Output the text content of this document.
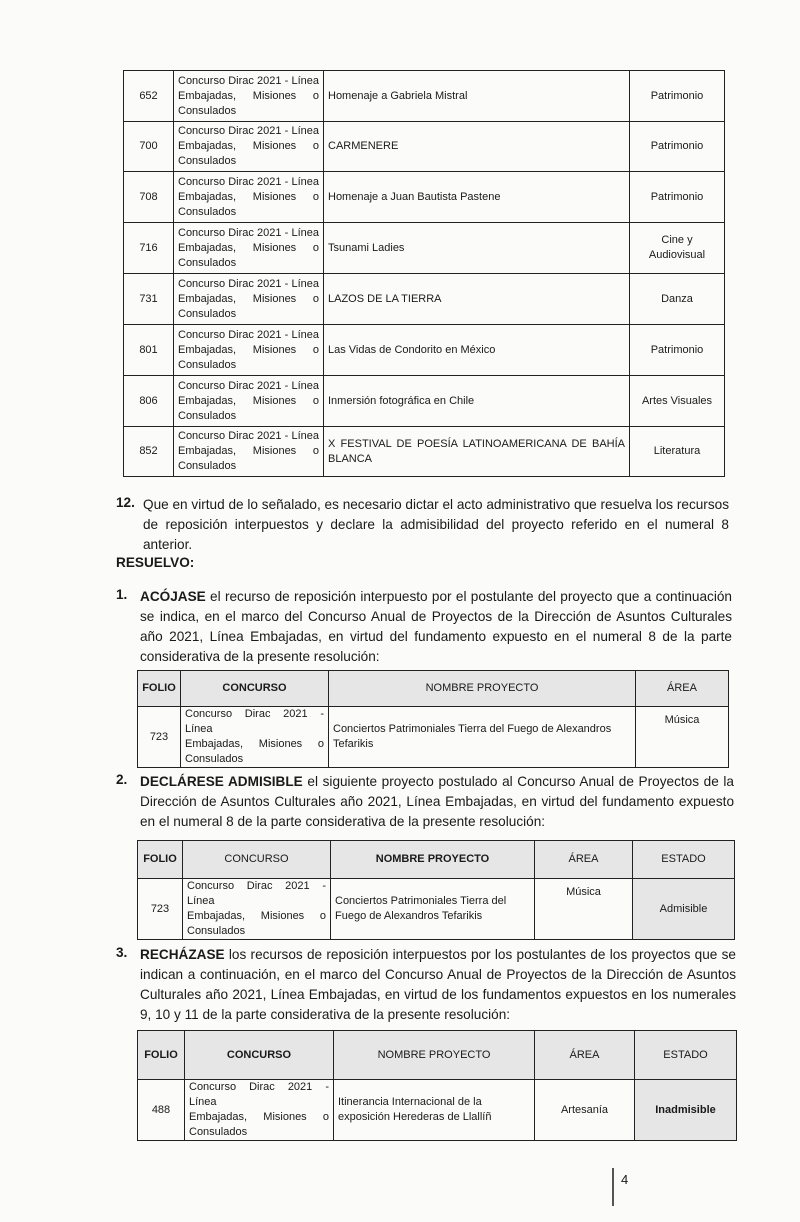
652	Concurso Dirac 2021 - Línea
Embajadas, Misiones o
Consulados	Homenaje a Gabriela Mistral	Patrimonio
700	Concurso Dirac 2021 - Línea
Embajadas, Misiones o
Consulados	CARMENERE	Patrimonio
708	Concurso Dirac 2021 - Línea
Embajadas, Misiones o
Consulados	Homenaje a Juan Bautista Pastene	Patrimonio
716	Concurso Dirac 2021 - Línea
Embajadas, Misiones o
Consulados	Tsunami Ladies	Cine y Audiovisual
731	Concurso Dirac 2021 - Línea
Embajadas, Misiones o
Consulados	LAZOS DE LA TIERRA	Danza
801	Concurso Dirac 2021 - Línea
Embajadas, Misiones o
Consulados	Las Vidas de Condorito en México	Patrimonio
806	Concurso Dirac 2021 - Línea
Embajadas, Misiones o
Consulados	Inmersión fotográfica en Chile	Artes Visuales
852	Concurso Dirac 2021 - Línea
Embajadas, Misiones o
Consulados	X FESTIVAL DE POESÍA LATINOAMERICANA DE BAHÍA BLANCA	Literatura
12. Que en virtud de lo señalado, es necesario dictar el acto administrativo que resuelva los recursos de reposición interpuestos y declare la admisibilidad del proyecto referido en el numeral 8 anterior.
RESUELVO:
1. ACÓJASE el recurso de reposición interpuesto por el postulante del proyecto que a continuación se indica, en el marco del Concurso Anual de Proyectos de la Dirección de Asuntos Culturales año 2021, Línea Embajadas, en virtud del fundamento expuesto en el numeral 8 de la parte considerativa de la presente resolución:
FOLIO	CONCURSO	NOMBRE PROYECTO	ÁREA
723	Concurso Dirac 2021 - Línea
Embajadas, Misiones o
Consulados	Conciertos Patrimoniales Tierra del Fuego de Alexandros Tefarikis	Música
2. DECLÁRESE ADMISIBLE el siguiente proyecto postulado al Concurso Anual de Proyectos de la Dirección de Asuntos Culturales año 2021, Línea Embajadas, en virtud del fundamento expuesto en el numeral 8 de la parte considerativa de la presente resolución:
FOLIO	CONCURSO	NOMBRE PROYECTO	ÁREA	ESTADO
723	Concurso Dirac 2021 - Línea
Embajadas, Misiones o
Consulados	Conciertos Patrimoniales Tierra del Fuego de Alexandros Tefarikis	Música	Admisible
3. RECHÁZASE los recursos de reposición interpuestos por los postulantes de los proyectos que se indican a continuación, en el marco del Concurso Anual de Proyectos de la Dirección de Asuntos Culturales año 2021, Línea Embajadas, en virtud de los fundamentos expuestos en los numerales 9, 10 y 11 de la parte considerativa de la presente resolución:
FOLIO	CONCURSO	NOMBRE PROYECTO	ÁREA	ESTADO
488	Concurso Dirac 2021 - Línea
Embajadas, Misiones o
Consulados	Itinerancia Internacional de la exposición Herederas de Llallíñ	Artesanía	Inadmisible
4
